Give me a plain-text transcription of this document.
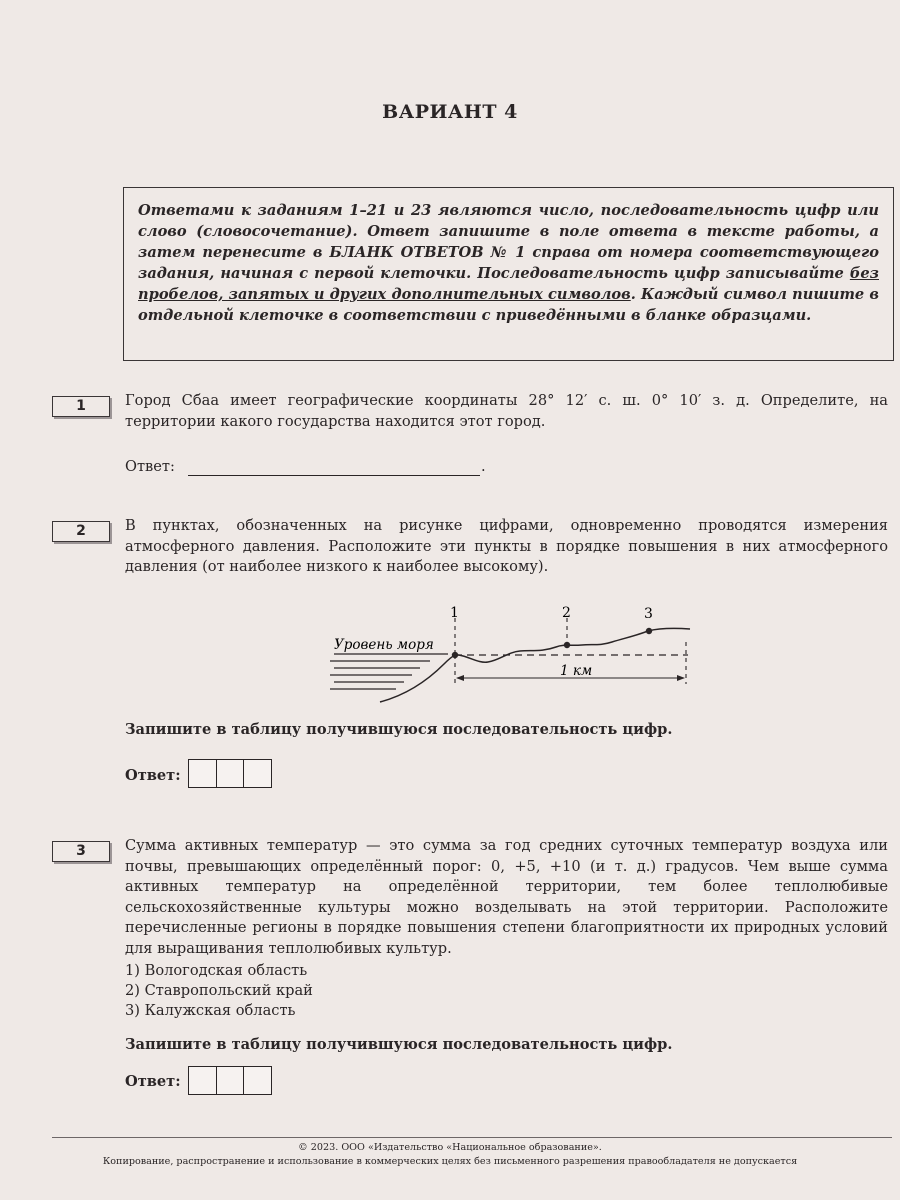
ВАРИАНТ 4
Ответами к заданиям 1–21 и 23 являются число, последовательность цифр или слово (словосочетание). Ответ запишите в поле ответа в тексте работы, а затем перенесите в БЛАНК ОТВЕТОВ № 1 справа от номера соответствующего задания, начиная с первой клеточки. Последовательность цифр записывайте без пробелов, запятых и других дополнительных символов. Каждый символ пишите в отдельной клеточке в соответствии с приведёнными в бланке образцами.
1	Город Сбаа имеет географические координаты 28° 12′ с. ш. 0° 10′ з. д. Определите, на территории какого государства находится этот город.
Ответ:	.
2	В пунктах, обозначенных на рисунке цифрами, одновременно проводятся измерения атмосферного давления. Расположите эти пункты в порядке повышения в них атмосферного давления (от наиболее низкого к наиболее высокому).
1	2	3
Уровень моря
1 км
Запишите в таблицу получившуюся последовательность цифр.
Ответ:
3	Сумма активных температур — это сумма за год средних суточных температур воздуха или почвы, превышающих определённый порог: 0, +5, +10 (и т. д.) градусов. Чем выше сумма активных температур на определённой территории, тем более теплолюбивые сельскохозяйственные культуры можно возделывать на этой территории. Расположите перечисленные регионы в порядке повышения степени благоприятности их природных условий для выращивания теплолюбивых культур.
1) Вологодская область
2) Ставропольский край
3) Калужская область
Запишите в таблицу получившуюся последовательность цифр.
Ответ:
© 2023. ООО «Издательство «Национальное образование».
Копирование, распространение и использование в коммерческих целях без письменного разрешения правообладателя не допускается
